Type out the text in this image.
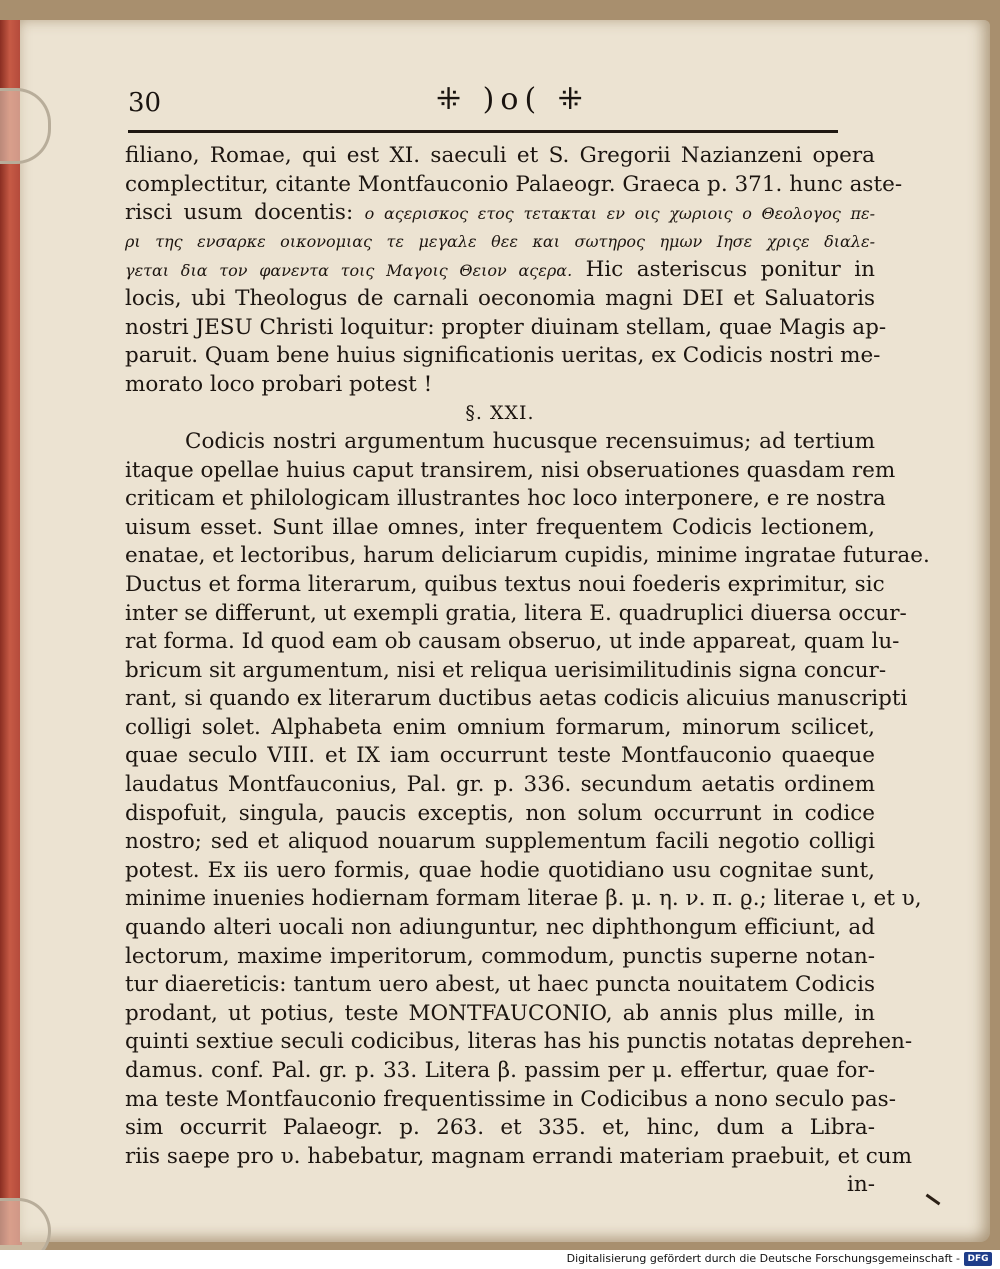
30	⁜ )o( ⁜
filiano, Romae, qui est XI. saeculi et S. Gregorii Nazianzeni opera
complectitur, citante Montfauconio Palaeogr. Graeca p. 371. hunc aste-
risci usum docentis: ο αςερισκος ετος τετακται εν οις χωριοις ο Θεολογος πε-
ρι της ενσαρκε οικονομιας τε μεγαλε θεε και σωτηρος ημων Ιησε χριςε διαλε-
γεται δια τον φανεντα τοις Μαγοις Θειον αςερα. Hic asteriscus ponitur in
locis, ubi Theologus de carnali oeconomia magni DEI et Saluatoris
nostri JESU Christi loquitur: propter diuinam stellam, quae Magis ap-
paruit. Quam bene huius significationis ueritas, ex Codicis nostri me-
morato loco probari potest !
§. XXI.
Codicis nostri argumentum hucusque recensuimus; ad tertium
itaque opellae huius caput transirem, nisi obseruationes quasdam rem
criticam et philologicam illustrantes hoc loco interponere, e re nostra
uisum esset. Sunt illae omnes, inter frequentem Codicis lectionem,
enatae, et lectoribus, harum deliciarum cupidis, minime ingratae futurae.
Ductus et forma literarum, quibus textus noui foederis exprimitur, sic
inter se differunt, ut exempli gratia, litera E. quadruplici diuersa occur-
rat forma. Id quod eam ob causam obseruo, ut inde appareat, quam lu-
bricum sit argumentum, nisi et reliqua uerisimilitudinis signa concur-
rant, si quando ex literarum ductibus aetas codicis alicuius manuscripti
colligi solet. Alphabeta enim omnium formarum, minorum scilicet,
quae seculo VIII. et IX iam occurrunt teste Montfauconio quaeque
laudatus Montfauconius, Pal. gr. p. 336. secundum aetatis ordinem
dispofuit, singula, paucis exceptis, non solum occurrunt in codice
nostro; sed et aliquod nouarum supplementum facili negotio colligi
potest. Ex iis uero formis, quae hodie quotidiano usu cognitae sunt,
minime inuenies hodiernam formam literae β. μ. η. ν. π. ϱ.; literae ι, et υ,
quando alteri uocali non adiunguntur, nec diphthongum efficiunt, ad
lectorum, maxime imperitorum, commodum, punctis superne notan-
tur diaereticis: tantum uero abest, ut haec puncta nouitatem Codicis
prodant, ut potius, teste MONTFAUCONIO, ab annis plus mille, in
quinti sextiue seculi codicibus, literas has his punctis notatas deprehen-
damus. conf. Pal. gr. p. 33. Litera β. passim per μ. effertur, quae for-
ma teste Montfauconio frequentissime in Codicibus a nono seculo pas-
sim occurrit Palaeogr. p. 263. et 335. et, hinc, dum a Libra-
riis saepe pro υ. habebatur, magnam errandi materiam praebuit, et cum
in-
Digitalisierung gefördert durch die Deutsche Forschungsgemeinschaft - DFG
